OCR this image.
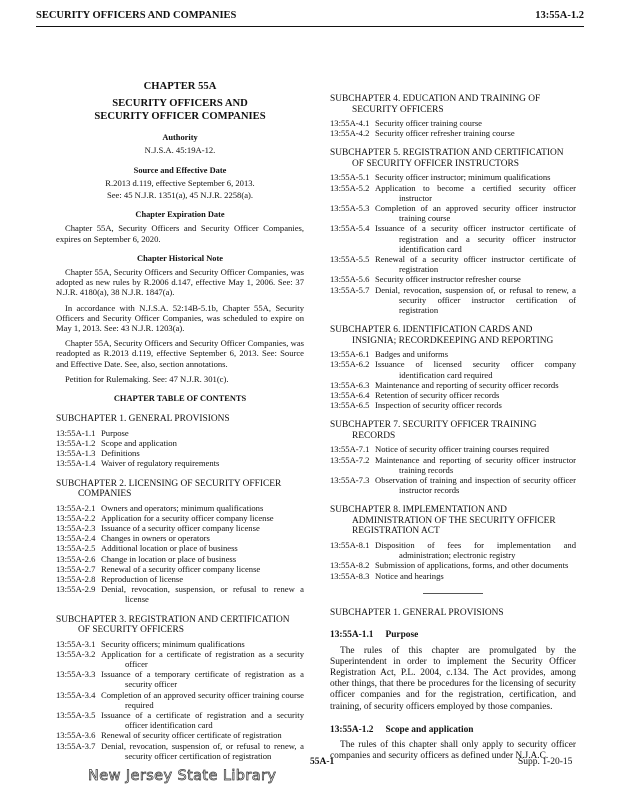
SECURITY OFFICERS AND COMPANIES	13:55A-1.2
CHAPTER 55A
SECURITY OFFICERS AND
SECURITY OFFICER COMPANIES
Authority
N.J.S.A. 45:19A-12.
Source and Effective Date
R.2013 d.119, effective September 6, 2013.
See: 45 N.J.R. 1351(a), 45 N.J.R. 2258(a).
Chapter Expiration Date
Chapter 55A, Security Officers and Security Officer Companies, expires on September 6, 2020.
Chapter Historical Note
Chapter 55A, Security Officers and Security Officer Companies, was adopted as new rules by R.2006 d.147, effective May 1, 2006. See: 37 N.J.R. 4180(a), 38 N.J.R. 1847(a).
In accordance with N.J.S.A. 52:14B-5.1b, Chapter 55A, Security Officers and Security Officer Companies, was scheduled to expire on May 1, 2013. See: 43 N.J.R. 1203(a).
Chapter 55A, Security Officers and Security Officer Companies, was readopted as R.2013 d.119, effective September 6, 2013. See: Source and Effective Date. See, also, section annotations.
Petition for Rulemaking. See: 47 N.J.R. 301(c).
CHAPTER TABLE OF CONTENTS
SUBCHAPTER 1. GENERAL PROVISIONS
13:55A-1.1 Purpose
13:55A-1.2 Scope and application
13:55A-1.3 Definitions
13:55A-1.4 Waiver of regulatory requirements
SUBCHAPTER 2. LICENSING OF SECURITY OFFICER
COMPANIES
13:55A-2.1 Owners and operators; minimum qualifications
13:55A-2.2 Application for a security officer company license
13:55A-2.3 Issuance of a security officer company license
13:55A-2.4 Changes in owners or operators
13:55A-2.5 Additional location or place of business
13:55A-2.6 Change in location or place of business
13:55A-2.7 Renewal of a security officer company license
13:55A-2.8 Reproduction of license
13:55A-2.9 Denial, revocation, suspension, or refusal to renew a license
SUBCHAPTER 3. REGISTRATION AND CERTIFICATION
OF SECURITY OFFICERS
13:55A-3.1 Security officers; minimum qualifications
13:55A-3.2 Application for a certificate of registration as a security officer
13:55A-3.3 Issuance of a temporary certificate of registration as a security officer
13:55A-3.4 Completion of an approved security officer training course required
13:55A-3.5 Issuance of a certificate of registration and a security officer identification card
13:55A-3.6 Renewal of security officer certificate of registration
13:55A-3.7 Denial, revocation, suspension of, or refusal to renew, a security officer certification of registration
SUBCHAPTER 4. EDUCATION AND TRAINING OF
SECURITY OFFICERS
13:55A-4.1 Security officer training course
13:55A-4.2 Security officer refresher training course
SUBCHAPTER 5. REGISTRATION AND CERTIFICATION
OF SECURITY OFFICER INSTRUCTORS
13:55A-5.1 Security officer instructor; minimum qualifications
13:55A-5.2 Application to become a certified security officer instructor
13:55A-5.3 Completion of an approved security officer instructor training course
13:55A-5.4 Issuance of a security officer instructor certificate of registration and a security officer instructor identification card
13:55A-5.5 Renewal of a security officer instructor certificate of registration
13:55A-5.6 Security officer instructor refresher course
13:55A-5.7 Denial, revocation, suspension of, or refusal to renew, a security officer instructor certification of registration
SUBCHAPTER 6. IDENTIFICATION CARDS AND
INSIGNIA; RECORDKEEPING AND REPORTING
13:55A-6.1 Badges and uniforms
13:55A-6.2 Issuance of licensed security officer company identification card required
13:55A-6.3 Maintenance and reporting of security officer records
13:55A-6.4 Retention of security officer records
13:55A-6.5 Inspection of security officer records
SUBCHAPTER 7. SECURITY OFFICER TRAINING
RECORDS
13:55A-7.1 Notice of security officer training courses required
13:55A-7.2 Maintenance and reporting of security officer instructor training records
13:55A-7.3 Observation of training and inspection of security officer instructor records
SUBCHAPTER 8. IMPLEMENTATION AND
ADMINISTRATION OF THE SECURITY OFFICER REGISTRATION ACT
13:55A-8.1 Disposition of fees for implementation and administration; electronic registry
13:55A-8.2 Submission of applications, forms, and other documents
13:55A-8.3 Notice and hearings
SUBCHAPTER 1. GENERAL PROVISIONS
13:55A-1.1 Purpose

The rules of this chapter are promulgated by the Superintendent in order to implement the Security Officer Registration Act, P.L. 2004, c.134. The Act provides, among other things, that there be procedures for the licensing of security officer companies and for the registration, certification, and training, of security officers employed by those companies.

13:55A-1.2 Scope and application

The rules of this chapter shall only apply to security officer companies and security officers as defined under N.J.A.C.

55A-1	Supp. 1-20-15
New Jersey State Library
